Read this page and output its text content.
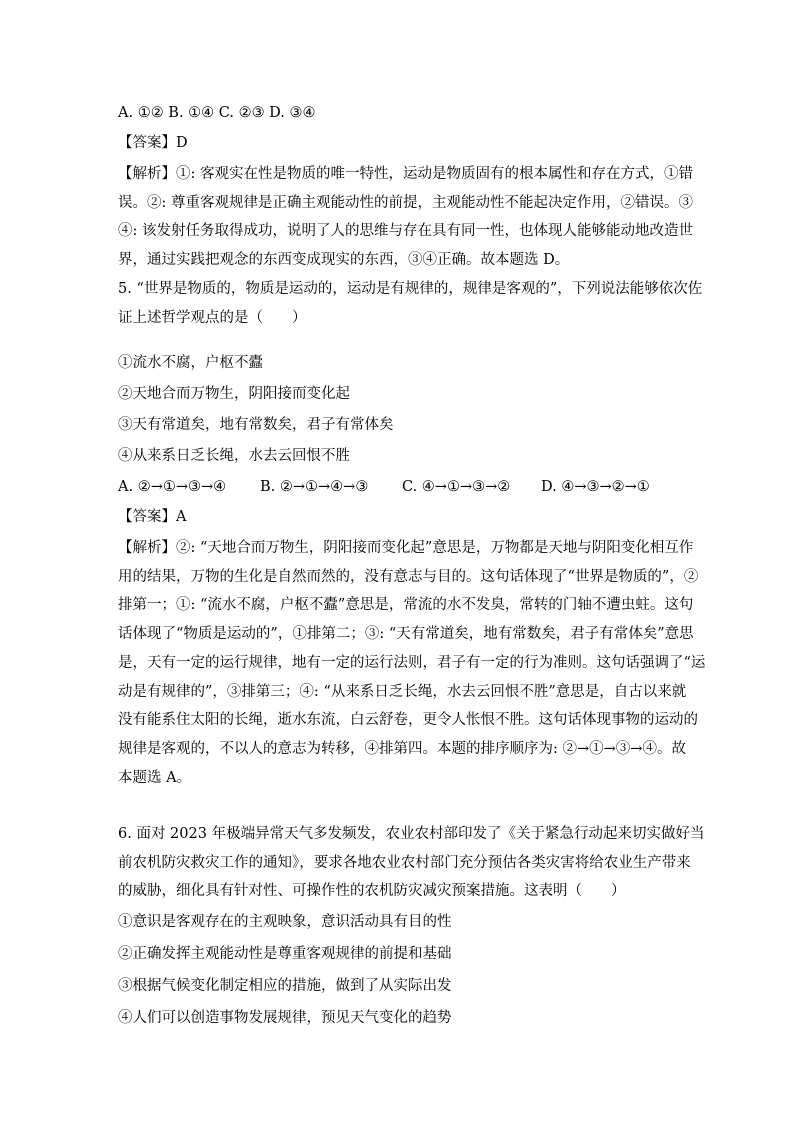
A. ①② B. ①④ C. ②③ D. ③④
【答案】D
【解析】①: 客观实在性是物质的唯一特性，运动是物质固有的根本属性和存在方式，①错
误。②: 尊重客观规律是正确主观能动性的前提，主观能动性不能起决定作用，②错误。③
④: 该发射任务取得成功，说明了人的思维与存在具有同一性，也体现人能够能动地改造世
界，通过实践把观念的东西变成现实的东西，③④正确。故本题选 D。
5. “世界是物质的，物质是运动的，运动是有规律的，规律是客观的”，下列说法能够依次佐
证上述哲学观点的是（　　）
①流水不腐，户枢不蠹
②天地合而万物生，阴阳接而变化起
③天有常道矣，地有常数矣，君子有常体矣
④从来系日乏长绳，水去云回恨不胜
A. ②→①→③→④ B. ②→①→④→③ C. ④→①→③→② D. ④→③→②→①
【答案】A
【解析】②: “天地合而万物生，阴阳接而变化起”意思是，万物都是天地与阴阳变化相互作
用的结果，万物的生化是自然而然的，没有意志与目的。这句话体现了“世界是物质的”，②
排第一；①: “流水不腐，户枢不蠹”意思是，常流的水不发臭，常转的门轴不遭虫蛀。这句
话体现了“物质是运动的”，①排第二；③: “天有常道矣，地有常数矣，君子有常体矣”意思
是，天有一定的运行规律，地有一定的运行法则，君子有一定的行为准则。这句话强调了“运
动是有规律的”，③排第三；④: “从来系日乏长绳，水去云回恨不胜”意思是，自古以来就
没有能系住太阳的长绳，逝水东流，白云舒卷，更令人怅恨不胜。这句话体现事物的运动的
规律是客观的，不以人的意志为转移，④排第四。本题的排序顺序为: ②→①→③→④。故
本题选 A。
6. 面对 2023 年极端异常天气多发频发，农业农村部印发了《关于紧急行动起来切实做好当
前农机防灾救灾工作的通知》，要求各地农业农村部门充分预估各类灾害将给农业生产带来
的威胁，细化具有针对性、可操作性的农机防灾减灾预案措施。这表明（　　）
①意识是客观存在的主观映象，意识活动具有目的性
②正确发挥主观能动性是尊重客观规律的前提和基础
③根据气候变化制定相应的措施，做到了从实际出发
④人们可以创造事物发展规律，预见天气变化的趋势
